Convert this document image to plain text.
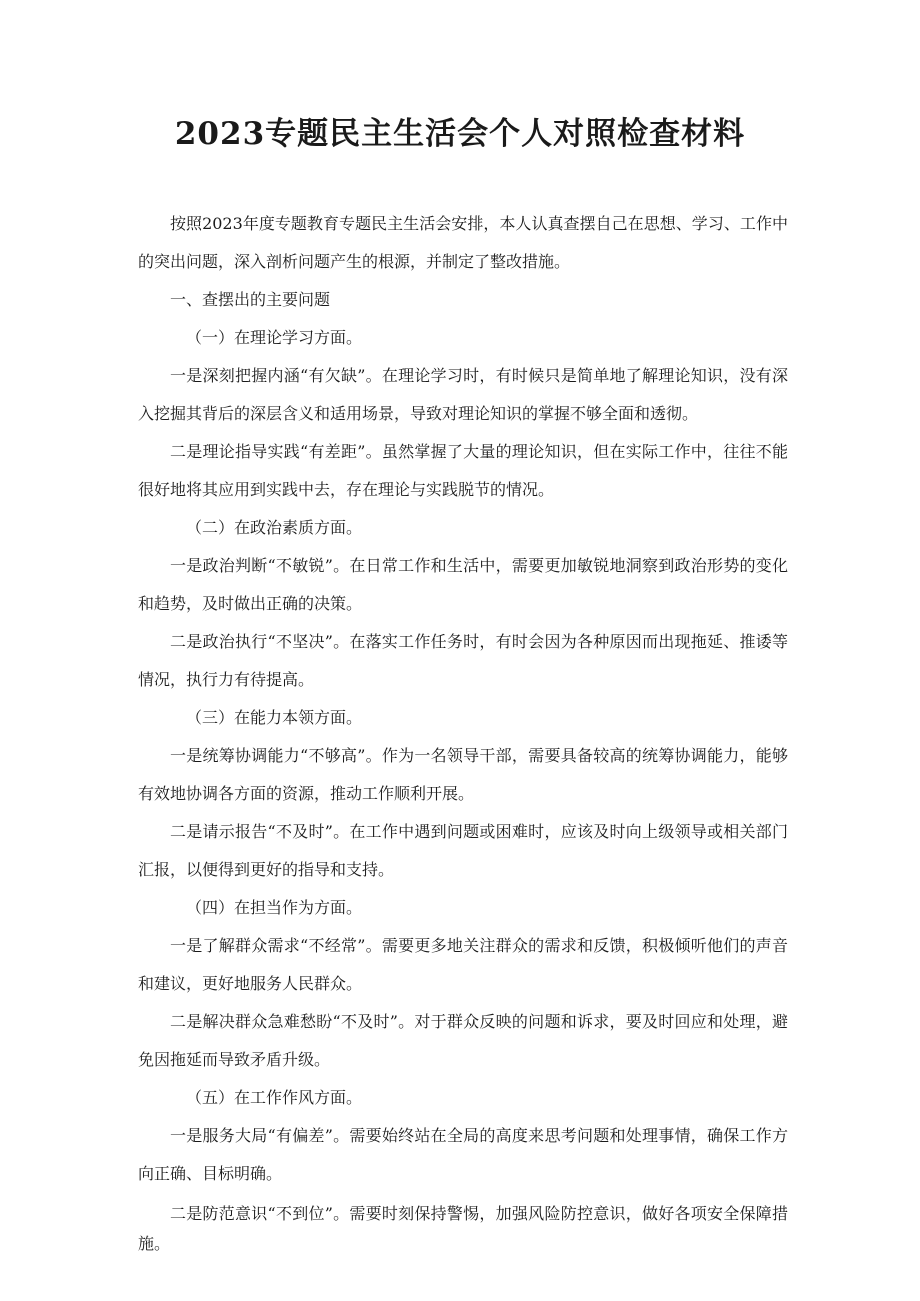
2023专题民主生活会个人对照检查材料

按照2023年度专题教育专题民主生活会安排，本人认真查摆自己在思想、学习、工作中的突出问题，深入剖析问题产生的根源，并制定了整改措施。

一、查摆出的主要问题

（一）在理论学习方面。

一是深刻把握内涵“有欠缺”。在理论学习时，有时候只是简单地了解理论知识，没有深入挖掘其背后的深层含义和适用场景，导致对理论知识的掌握不够全面和透彻。

二是理论指导实践“有差距”。虽然掌握了大量的理论知识，但在实际工作中，往往不能很好地将其应用到实践中去，存在理论与实践脱节的情况。

（二）在政治素质方面。

一是政治判断“不敏锐”。在日常工作和生活中，需要更加敏锐地洞察到政治形势的变化和趋势，及时做出正确的决策。

二是政治执行“不坚决”。在落实工作任务时，有时会因为各种原因而出现拖延、推诿等情况，执行力有待提高。

（三）在能力本领方面。

一是统筹协调能力“不够高”。作为一名领导干部，需要具备较高的统筹协调能力，能够有效地协调各方面的资源，推动工作顺利开展。

二是请示报告“不及时”。在工作中遇到问题或困难时，应该及时向上级领导或相关部门汇报，以便得到更好的指导和支持。

（四）在担当作为方面。

一是了解群众需求“不经常”。需要更多地关注群众的需求和反馈，积极倾听他们的声音和建议，更好地服务人民群众。

二是解决群众急难愁盼“不及时”。对于群众反映的问题和诉求，要及时回应和处理，避免因拖延而导致矛盾升级。

（五）在工作作风方面。

一是服务大局“有偏差”。需要始终站在全局的高度来思考问题和处理事情，确保工作方向正确、目标明确。

二是防范意识“不到位”。需要时刻保持警惕，加强风险防控意识，做好各项安全保障措施。
